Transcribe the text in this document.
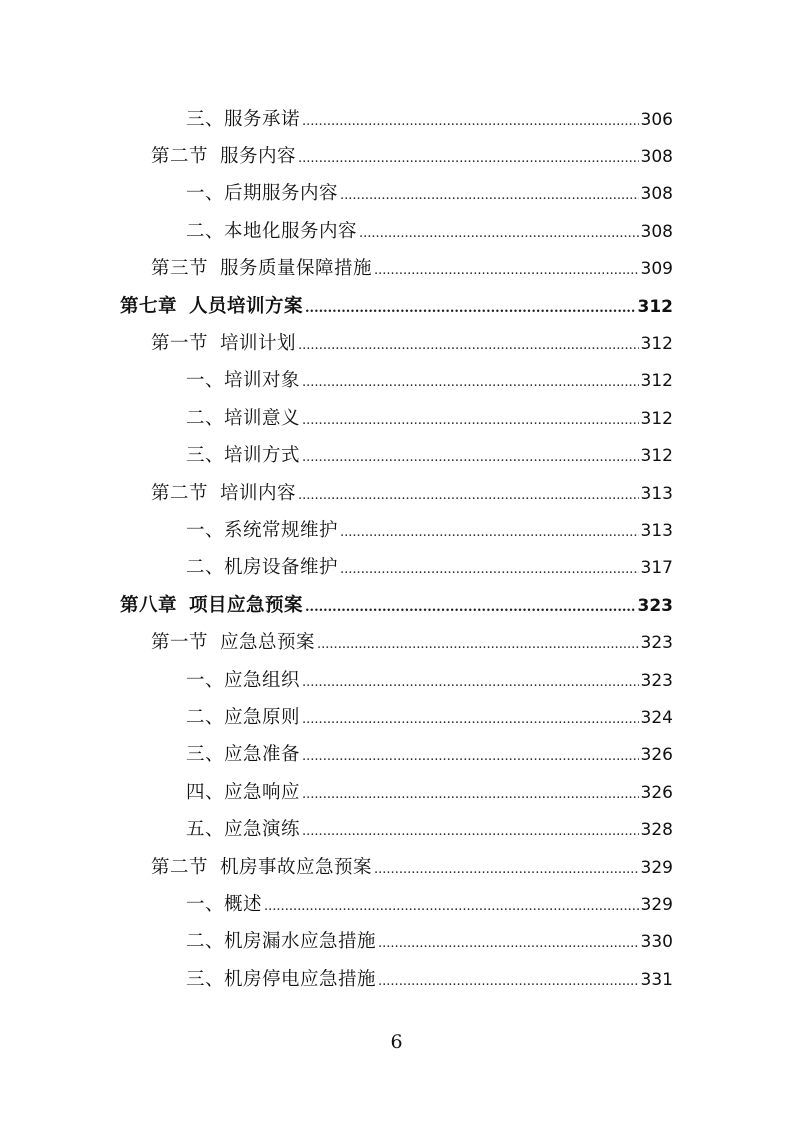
三、服务承诺 .....	306
第二节 服务内容 .....	308
一、后期服务内容 .....	308
二、本地化服务内容 .....	308
第三节 服务质量保障措施 .....	309
第七章 人员培训方案 .....	312
第一节 培训计划 .....	312
一、培训对象 .....	312
二、培训意义 .....	312
三、培训方式 .....	312
第二节 培训内容 .....	313
一、系统常规维护 .....	313
二、机房设备维护 .....	317
第八章 项目应急预案 .....	323
第一节 应急总预案 .....	323
一、应急组织 .....	323
二、应急原则 .....	324
三、应急准备 .....	326
四、应急响应 .....	326
五、应急演练 .....	328
第二节 机房事故应急预案 .....	329
一、概述 .....	329
二、机房漏水应急措施 .....	330
三、机房停电应急措施 .....	331
6
